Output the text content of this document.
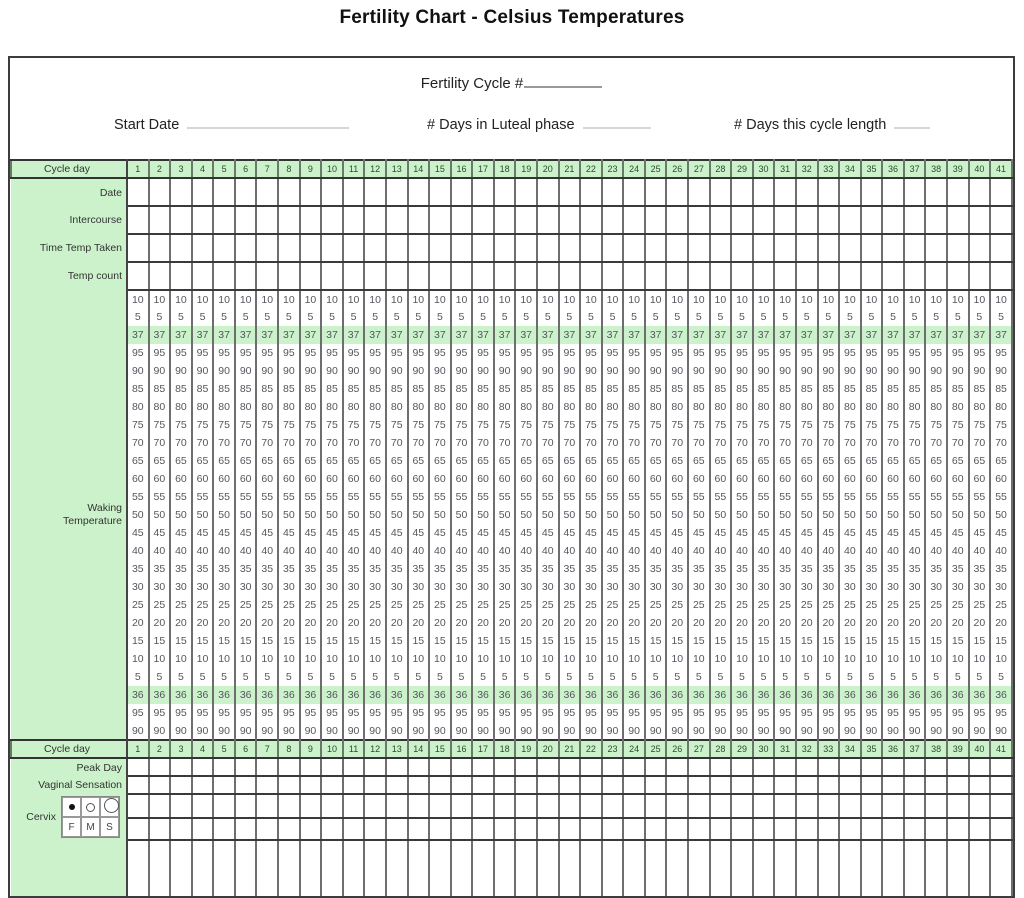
Fertility Chart - Celsius Temperatures
Fertility Cycle #
Start Date	# Days in Luteal phase	# Days this cycle length
Cycle day	1	2	3	4	5	6	7	8	9	10	11	12	13	14	15	16	17	18	19	20	21	22	23	24	25	26	27	28	29	30	31	32	33	34	35	36	37	38	39	40	41
Date																																									
Intercourse																																									
Time Temp Taken																																									
Temp count																																									

Waking
Temperature	10	10	10	10	10	10	10	10	10	10	10	10	10	10	10	10	10	10	10	10	10	10	10	10	10	10	10	10	10	10	10	10	10	10	10	10	10	10	10	10	10
	5	5	5	5	5	5	5	5	5	5	5	5	5	5	5	5	5	5	5	5	5	5	5	5	5	5	5	5	5	5	5	5	5	5	5	5	5	5	5	5	5
	37	37	37	37	37	37	37	37	37	37	37	37	37	37	37	37	37	37	37	37	37	37	37	37	37	37	37	37	37	37	37	37	37	37	37	37	37	37	37	37	37
	95	95	95	95	95	95	95	95	95	95	95	95	95	95	95	95	95	95	95	95	95	95	95	95	95	95	95	95	95	95	95	95	95	95	95	95	95	95	95	95	95
	90	90	90	90	90	90	90	90	90	90	90	90	90	90	90	90	90	90	90	90	90	90	90	90	90	90	90	90	90	90	90	90	90	90	90	90	90	90	90	90	90
	85	85	85	85	85	85	85	85	85	85	85	85	85	85	85	85	85	85	85	85	85	85	85	85	85	85	85	85	85	85	85	85	85	85	85	85	85	85	85	85	85
	80	80	80	80	80	80	80	80	80	80	80	80	80	80	80	80	80	80	80	80	80	80	80	80	80	80	80	80	80	80	80	80	80	80	80	80	80	80	80	80	80
	75	75	75	75	75	75	75	75	75	75	75	75	75	75	75	75	75	75	75	75	75	75	75	75	75	75	75	75	75	75	75	75	75	75	75	75	75	75	75	75	75
	70	70	70	70	70	70	70	70	70	70	70	70	70	70	70	70	70	70	70	70	70	70	70	70	70	70	70	70	70	70	70	70	70	70	70	70	70	70	70	70	70
	65	65	65	65	65	65	65	65	65	65	65	65	65	65	65	65	65	65	65	65	65	65	65	65	65	65	65	65	65	65	65	65	65	65	65	65	65	65	65	65	65
	60	60	60	60	60	60	60	60	60	60	60	60	60	60	60	60	60	60	60	60	60	60	60	60	60	60	60	60	60	60	60	60	60	60	60	60	60	60	60	60	60
	55	55	55	55	55	55	55	55	55	55	55	55	55	55	55	55	55	55	55	55	55	55	55	55	55	55	55	55	55	55	55	55	55	55	55	55	55	55	55	55	55
	50	50	50	50	50	50	50	50	50	50	50	50	50	50	50	50	50	50	50	50	50	50	50	50	50	50	50	50	50	50	50	50	50	50	50	50	50	50	50	50	50
	45	45	45	45	45	45	45	45	45	45	45	45	45	45	45	45	45	45	45	45	45	45	45	45	45	45	45	45	45	45	45	45	45	45	45	45	45	45	45	45	45
	40	40	40	40	40	40	40	40	40	40	40	40	40	40	40	40	40	40	40	40	40	40	40	40	40	40	40	40	40	40	40	40	40	40	40	40	40	40	40	40	40
	35	35	35	35	35	35	35	35	35	35	35	35	35	35	35	35	35	35	35	35	35	35	35	35	35	35	35	35	35	35	35	35	35	35	35	35	35	35	35	35	35
	30	30	30	30	30	30	30	30	30	30	30	30	30	30	30	30	30	30	30	30	30	30	30	30	30	30	30	30	30	30	30	30	30	30	30	30	30	30	30	30	30
	25	25	25	25	25	25	25	25	25	25	25	25	25	25	25	25	25	25	25	25	25	25	25	25	25	25	25	25	25	25	25	25	25	25	25	25	25	25	25	25	25
	20	20	20	20	20	20	20	20	20	20	20	20	20	20	20	20	20	20	20	20	20	20	20	20	20	20	20	20	20	20	20	20	20	20	20	20	20	20	20	20	20
	15	15	15	15	15	15	15	15	15	15	15	15	15	15	15	15	15	15	15	15	15	15	15	15	15	15	15	15	15	15	15	15	15	15	15	15	15	15	15	15	15
	10	10	10	10	10	10	10	10	10	10	10	10	10	10	10	10	10	10	10	10	10	10	10	10	10	10	10	10	10	10	10	10	10	10	10	10	10	10	10	10	10
	5	5	5	5	5	5	5	5	5	5	5	5	5	5	5	5	5	5	5	5	5	5	5	5	5	5	5	5	5	5	5	5	5	5	5	5	5	5	5	5	5
	36	36	36	36	36	36	36	36	36	36	36	36	36	36	36	36	36	36	36	36	36	36	36	36	36	36	36	36	36	36	36	36	36	36	36	36	36	36	36	36	36
	95	95	95	95	95	95	95	95	95	95	95	95	95	95	95	95	95	95	95	95	95	95	95	95	95	95	95	95	95	95	95	95	95	95	95	95	95	95	95	95	95
	90	90	90	90	90	90	90	90	90	90	90	90	90	90	90	90	90	90	90	90	90	90	90	90	90	90	90	90	90	90	90	90	90	90	90	90	90	90	90	90	90
Cycle day	1	2	3	4	5	6	7	8	9	10	11	12	13	14	15	16	17	18	19	20	21	22	23	24	25	26	27	28	29	30	31	32	33	34	35	36	37	38	39	40	41
Peak Day																																									
Vaginal Sensation																																									

Cervix
F M S																																									
